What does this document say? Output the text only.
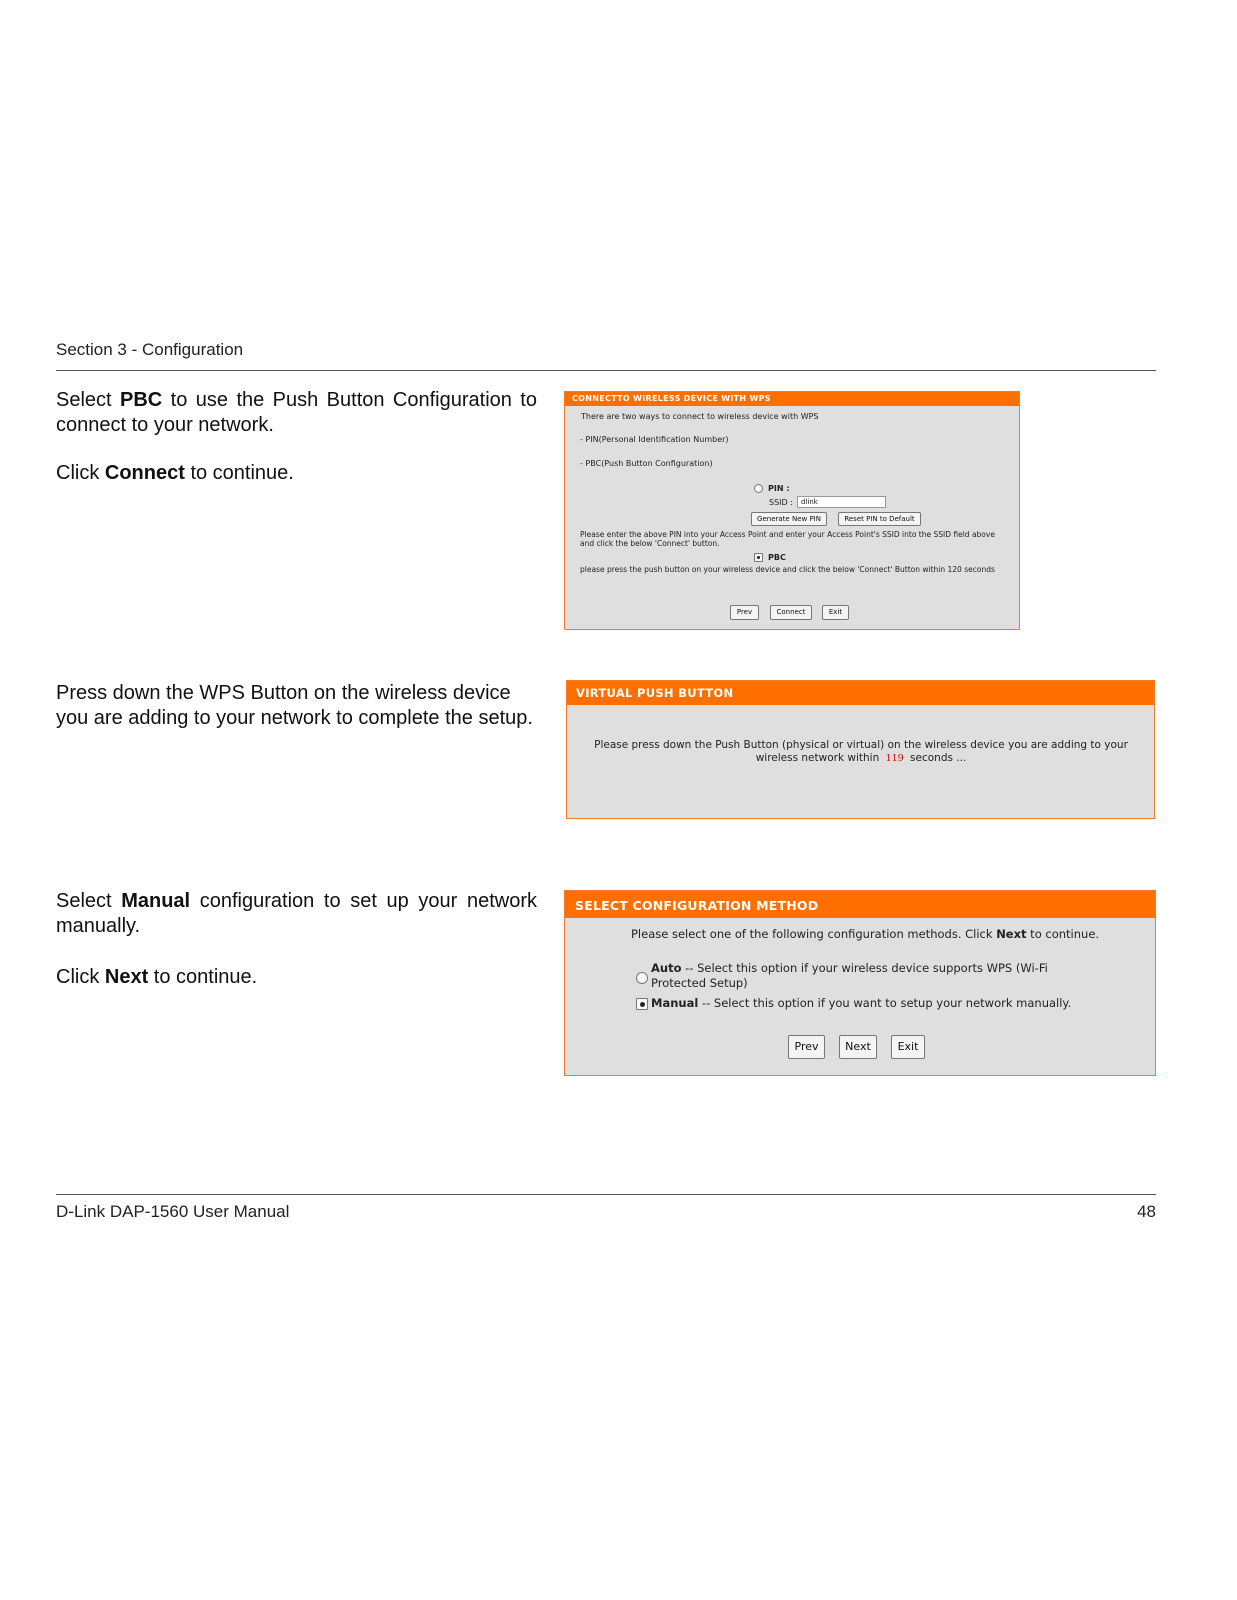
Section 3 - Configuration
Select PBC to use the Push Button Configuration to connect to your network.
Click Connect to continue.
CONNECTTO WIRELESS DEVICE WITH WPS
There are two ways to connect to wireless device with WPS
- PIN(Personal Identification Number)
- PBC(Push Button Configuration)
PIN :
SSID :	dlink
Generate New PIN	Reset PIN to Default
Please enter the above PIN into your Access Point and enter your Access Point's SSID into the SSID field above and click the below 'Connect' button.
PBC
please press the push button on your wireless device and click the below 'Connect' Button within 120 seconds
Prev	Connect	Exit
Press down the WPS Button on the wireless device you are adding to your network to complete the setup.
VIRTUAL PUSH BUTTON
Please press down the Push Button (physical or virtual) on the wireless device you are adding to your wireless network within 119 seconds ...
Select Manual configuration to set up your network manually.
Click Next to continue.
SELECT CONFIGURATION METHOD
Please select one of the following configuration methods. Click Next to continue.
Auto -- Select this option if your wireless device supports WPS (Wi-Fi Protected Setup)
Manual -- Select this option if you want to setup your network manually.
Prev	Next	Exit
D-Link DAP-1560 User Manual	48
